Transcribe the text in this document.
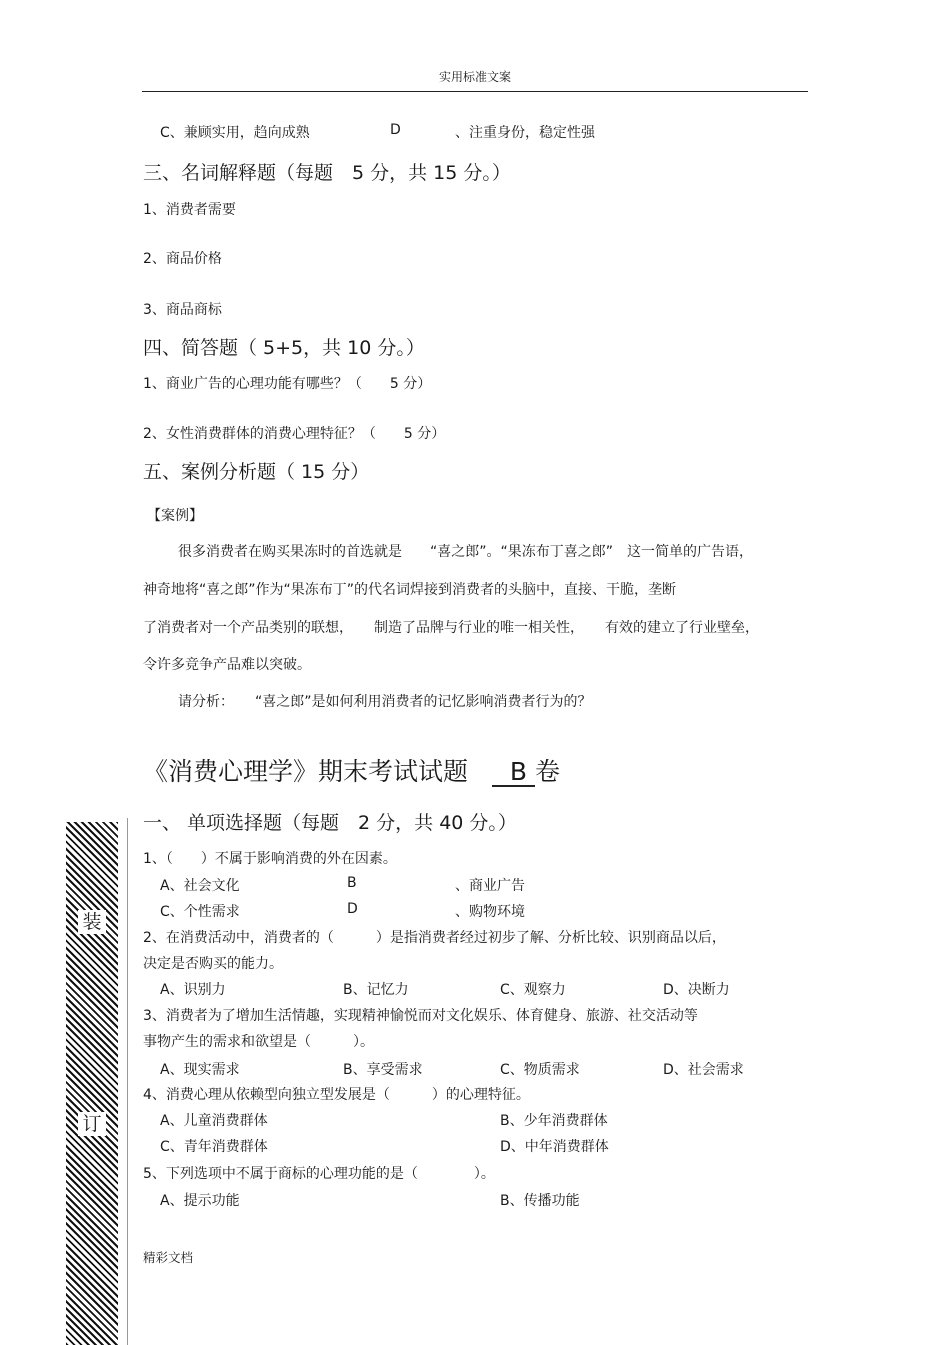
实用标准文案
C、兼顾实用，趋向成熟	D	、注重身份，稳定性强
三、名词解释题（每题　5 分，共 15 分。）
1、消费者需要
2、商品价格
3、商品商标
四、简答题（ 5+5，共 10 分。）
1、商业广告的心理功能有哪些？（　　5 分）
2、女性消费群体的消费心理特征？（　　5 分）
五、案例分析题（ 15 分）
【案例】
很多消费者在购买果冻时的首选就是　　“喜之郎”。“果冻布丁喜之郎”　这一简单的广告语，
神奇地将“喜之郎”作为“果冻布丁”的代名词焊接到消费者的头脑中，直接、干脆，垄断
了消费者对一个产品类别的联想，　　制造了品牌与行业的唯一相关性，　　有效的建立了行业壁垒，
令许多竞争产品难以突破。
请分析：　　“喜之郎”是如何利用消费者的记忆影响消费者行为的？
《消费心理学》期末考试试题 B 卷
一、 单项选择题（每题　2 分，共 40 分。）
1、（　　）不属于影响消费的外在因素。
A、社会文化	B	、商业广告
C、个性需求	D	、购物环境
2、在消费活动中，消费者的（　　　）是指消费者经过初步了解、分析比较、识别商品以后，
决定是否购买的能力。
A、识别力	B、记忆力	C、观察力	D、决断力
3、消费者为了增加生活情趣，实现精神愉悦而对文化娱乐、体育健身、旅游、社交活动等
事物产生的需求和欲望是（　　　）。
A、现实需求	B、享受需求	C、物质需求	D、社会需求
4、消费心理从依赖型向独立型发展是（　　　）的心理特征。
A、儿童消费群体	B、少年消费群体
C、青年消费群体	D、中年消费群体
5、下列选项中不属于商标的心理功能的是（　　　　）。
A、提示功能	B、传播功能
装
订
精彩文档
